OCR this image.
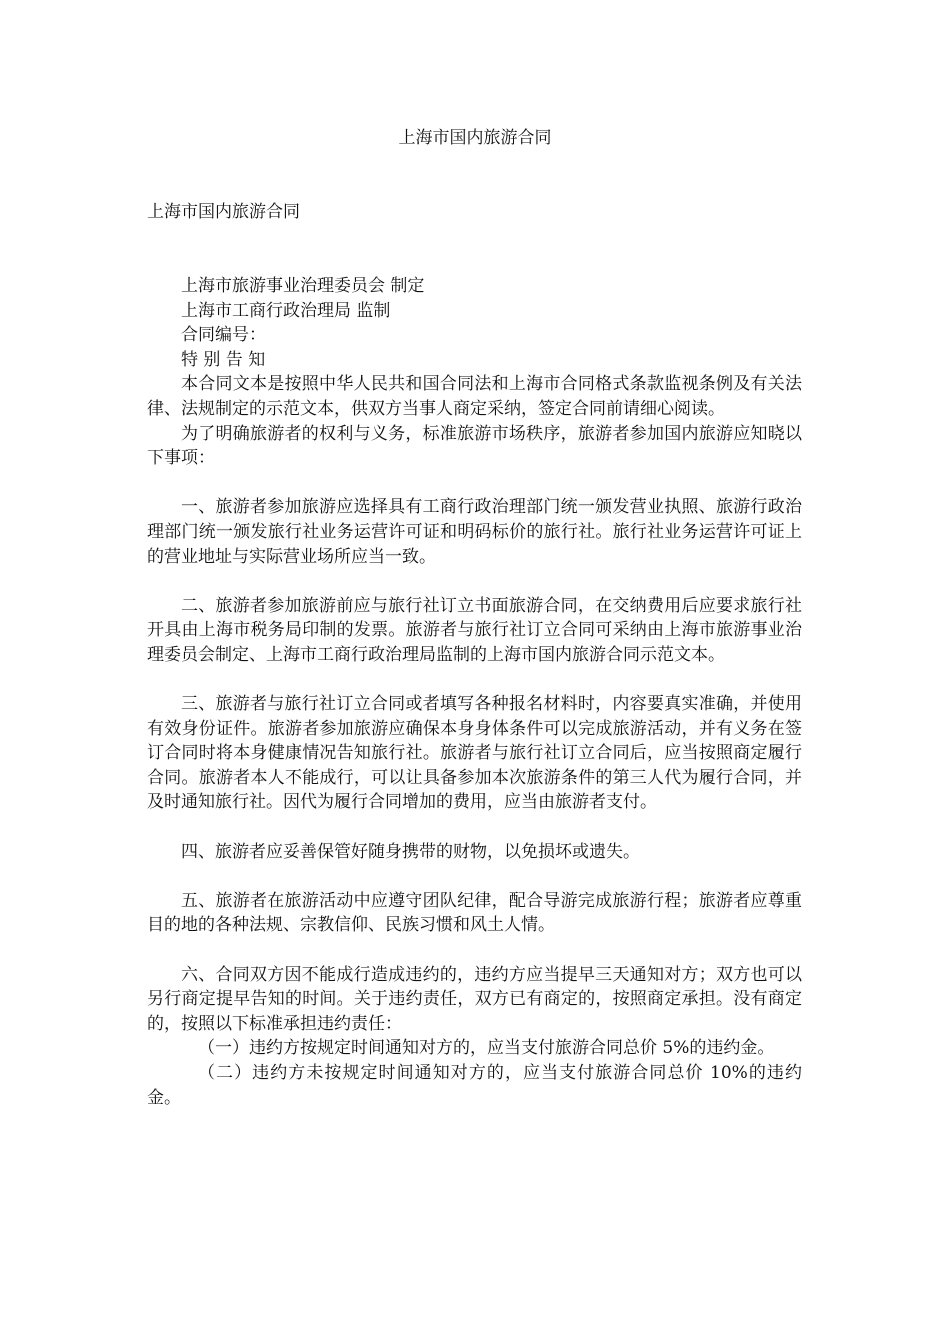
上海市国内旅游合同
上海市国内旅游合同

上海市旅游事业治理委员会 制定

上海市工商行政治理局 监制

合同编号：

特 别 告 知

本合同文本是按照中华人民共和国合同法和上海市合同格式条款监视条例及有关法律、法规制定的示范文本，供双方当事人商定采纳，签定合同前请细心阅读。

为了明确旅游者的权利与义务，标准旅游市场秩序，旅游者参加国内旅游应知晓以下事项：

一、旅游者参加旅游应选择具有工商行政治理部门统一颁发营业执照、旅游行政治理部门统一颁发旅行社业务运营许可证和明码标价的旅行社。旅行社业务运营许可证上的营业地址与实际营业场所应当一致。

二、旅游者参加旅游前应与旅行社订立书面旅游合同，在交纳费用后应要求旅行社开具由上海市税务局印制的发票。旅游者与旅行社订立合同可采纳由上海市旅游事业治理委员会制定、上海市工商行政治理局监制的上海市国内旅游合同示范文本。

三、旅游者与旅行社订立合同或者填写各种报名材料时，内容要真实准确，并使用有效身份证件。旅游者参加旅游应确保本身身体条件可以完成旅游活动，并有义务在签订合同时将本身健康情况告知旅行社。旅游者与旅行社订立合同后，应当按照商定履行合同。旅游者本人不能成行，可以让具备参加本次旅游条件的第三人代为履行合同，并及时通知旅行社。因代为履行合同增加的费用，应当由旅游者支付。

四、旅游者应妥善保管好随身携带的财物，以免损坏或遗失。

五、旅游者在旅游活动中应遵守团队纪律，配合导游完成旅游行程；旅游者应尊重目的地的各种法规、宗教信仰、民族习惯和风土人情。

六、合同双方因不能成行造成违约的，违约方应当提早三天通知对方；双方也可以另行商定提早告知的时间。关于违约责任，双方已有商定的，按照商定承担。没有商定的，按照以下标准承担违约责任：

（一）违约方按规定时间通知对方的，应当支付旅游合同总价 5%的违约金。

（二）违约方未按规定时间通知对方的，应当支付旅游合同总价 10%的违约金。
